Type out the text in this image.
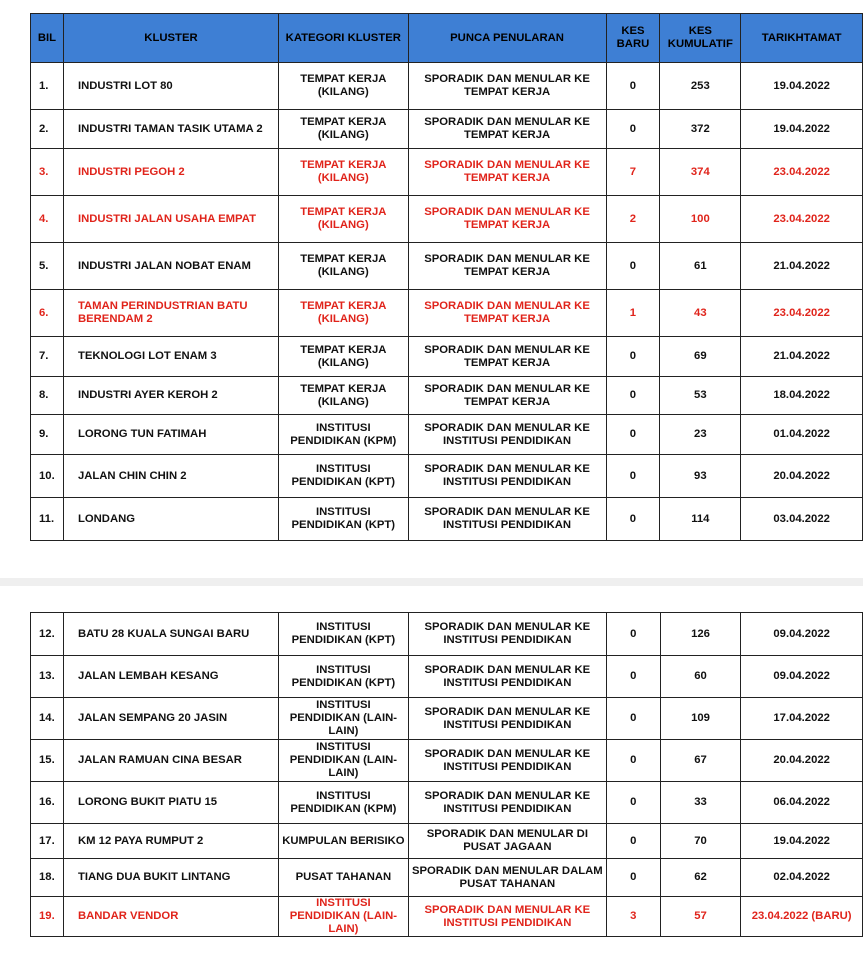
BIL	KLUSTER	KATEGORI KLUSTER	PUNCA PENULARAN	KES BARU	KES KUMULATIF	TARIKHTAMAT
1.	INDUSTRI LOT 80	TEMPAT KERJA (KILANG)	SPORADIK DAN MENULAR KE TEMPAT KERJA	0	253	19.04.2022
2.	INDUSTRI TAMAN TASIK UTAMA 2	TEMPAT KERJA (KILANG)	SPORADIK DAN MENULAR KE TEMPAT KERJA	0	372	19.04.2022
3.	INDUSTRI PEGOH 2	TEMPAT KERJA (KILANG)	SPORADIK DAN MENULAR KE TEMPAT KERJA	7	374	23.04.2022
4.	INDUSTRI JALAN USAHA EMPAT	TEMPAT KERJA (KILANG)	SPORADIK DAN MENULAR KE TEMPAT KERJA	2	100	23.04.2022
5.	INDUSTRI JALAN NOBAT ENAM	TEMPAT KERJA (KILANG)	SPORADIK DAN MENULAR KE TEMPAT KERJA	0	61	21.04.2022
6.	TAMAN PERINDUSTRIAN BATU BERENDAM 2	TEMPAT KERJA (KILANG)	SPORADIK DAN MENULAR KE TEMPAT KERJA	1	43	23.04.2022
7.	TEKNOLOGI LOT ENAM 3	TEMPAT KERJA (KILANG)	SPORADIK DAN MENULAR KE TEMPAT KERJA	0	69	21.04.2022
8.	INDUSTRI AYER KEROH 2	TEMPAT KERJA (KILANG)	SPORADIK DAN MENULAR KE TEMPAT KERJA	0	53	18.04.2022
9.	LORONG TUN FATIMAH	INSTITUSI PENDIDIKAN (KPM)	SPORADIK DAN MENULAR KE INSTITUSI PENDIDIKAN	0	23	01.04.2022
10.	JALAN CHIN CHIN 2	INSTITUSI PENDIDIKAN (KPT)	SPORADIK DAN MENULAR KE INSTITUSI PENDIDIKAN	0	93	20.04.2022
11.	LONDANG	INSTITUSI PENDIDIKAN (KPT)	SPORADIK DAN MENULAR KE INSTITUSI PENDIDIKAN	0	114	03.04.2022
12.	BATU 28 KUALA SUNGAI BARU	INSTITUSI PENDIDIKAN (KPT)	SPORADIK DAN MENULAR KE INSTITUSI PENDIDIKAN	0	126	09.04.2022
13.	JALAN LEMBAH KESANG	INSTITUSI PENDIDIKAN (KPT)	SPORADIK DAN MENULAR KE INSTITUSI PENDIDIKAN	0	60	09.04.2022
14.	JALAN SEMPANG 20 JASIN	INSTITUSI PENDIDIKAN (LAIN-LAIN)	SPORADIK DAN MENULAR KE INSTITUSI PENDIDIKAN	0	109	17.04.2022
15.	JALAN RAMUAN CINA BESAR	INSTITUSI PENDIDIKAN (LAIN-LAIN)	SPORADIK DAN MENULAR KE INSTITUSI PENDIDIKAN	0	67	20.04.2022
16.	LORONG BUKIT PIATU 15	INSTITUSI PENDIDIKAN (KPM)	SPORADIK DAN MENULAR KE INSTITUSI PENDIDIKAN	0	33	06.04.2022
17.	KM 12 PAYA RUMPUT 2	KUMPULAN BERISIKO	SPORADIK DAN MENULAR DI PUSAT JAGAAN	0	70	19.04.2022
18.	TIANG DUA BUKIT LINTANG	PUSAT TAHANAN	SPORADIK DAN MENULAR DALAM PUSAT TAHANAN	0	62	02.04.2022
19.	BANDAR VENDOR	INSTITUSI PENDIDIKAN (LAIN-LAIN)	SPORADIK DAN MENULAR KE INSTITUSI PENDIDIKAN	3	57	23.04.2022 (BARU)
